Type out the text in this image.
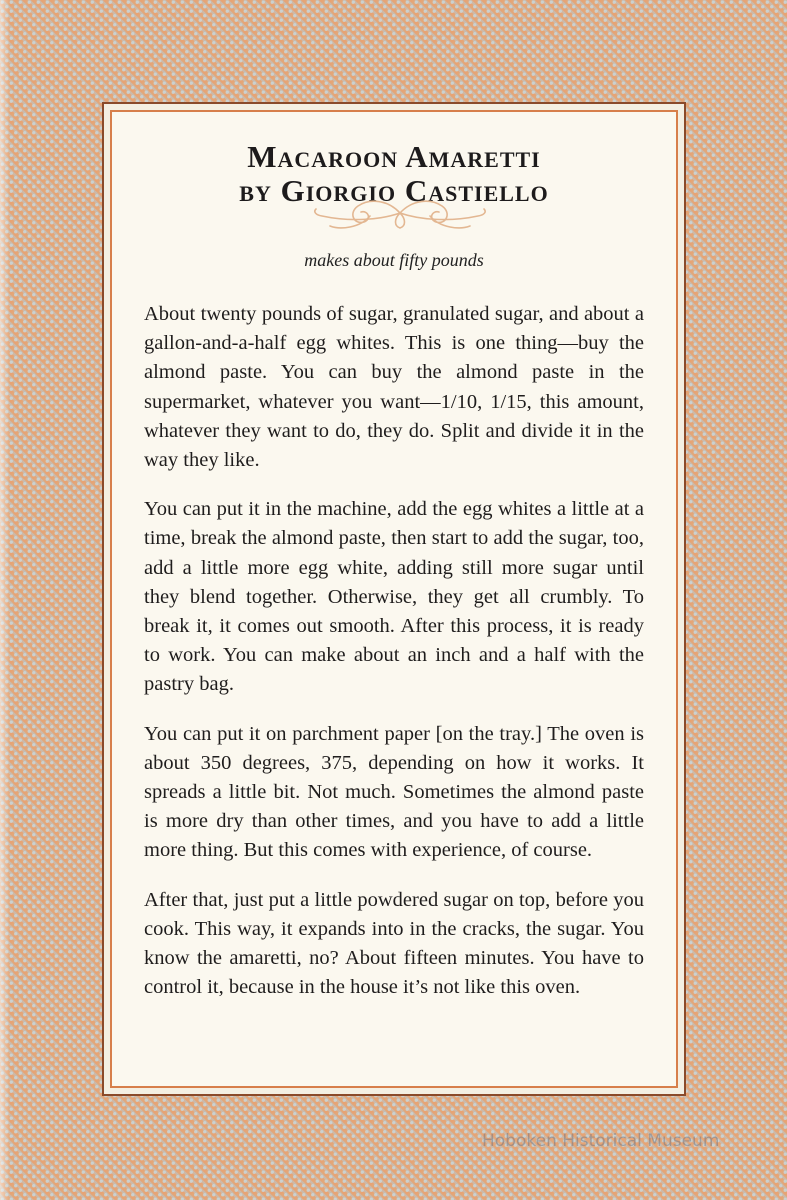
Macaroon Amaretti
by Giorgio Castiello
makes about fifty pounds

About twenty pounds of sugar, granulated sugar, and about a gallon-and-a-half egg whites. This is one thing—buy the almond paste. You can buy the almond paste in the supermarket, whatever you want—1/10, 1/15, this amount, whatever they want to do, they do. Split and divide it in the way they like.

You can put it in the machine, add the egg whites a little at a time, break the almond paste, then start to add the sugar, too, add a little more egg white, adding still more sugar until they blend together. Otherwise, they get all crumbly. To break it, it comes out smooth. After this process, it is ready to work. You can make about an inch and a half with the pastry bag.

You can put it on parchment paper [on the tray.] The oven is about 350 degrees, 375, depending on how it works. It spreads a little bit. Not much. Sometimes the almond paste is more dry than other times, and you have to add a little more thing. But this comes with experience, of course.

After that, just put a little powdered sugar on top, before you cook. This way, it expands into in the cracks, the sugar. You know the amaretti, no? About fifteen minutes. You have to control it, because in the house it’s not like this oven.

Hoboken Historical Museum
